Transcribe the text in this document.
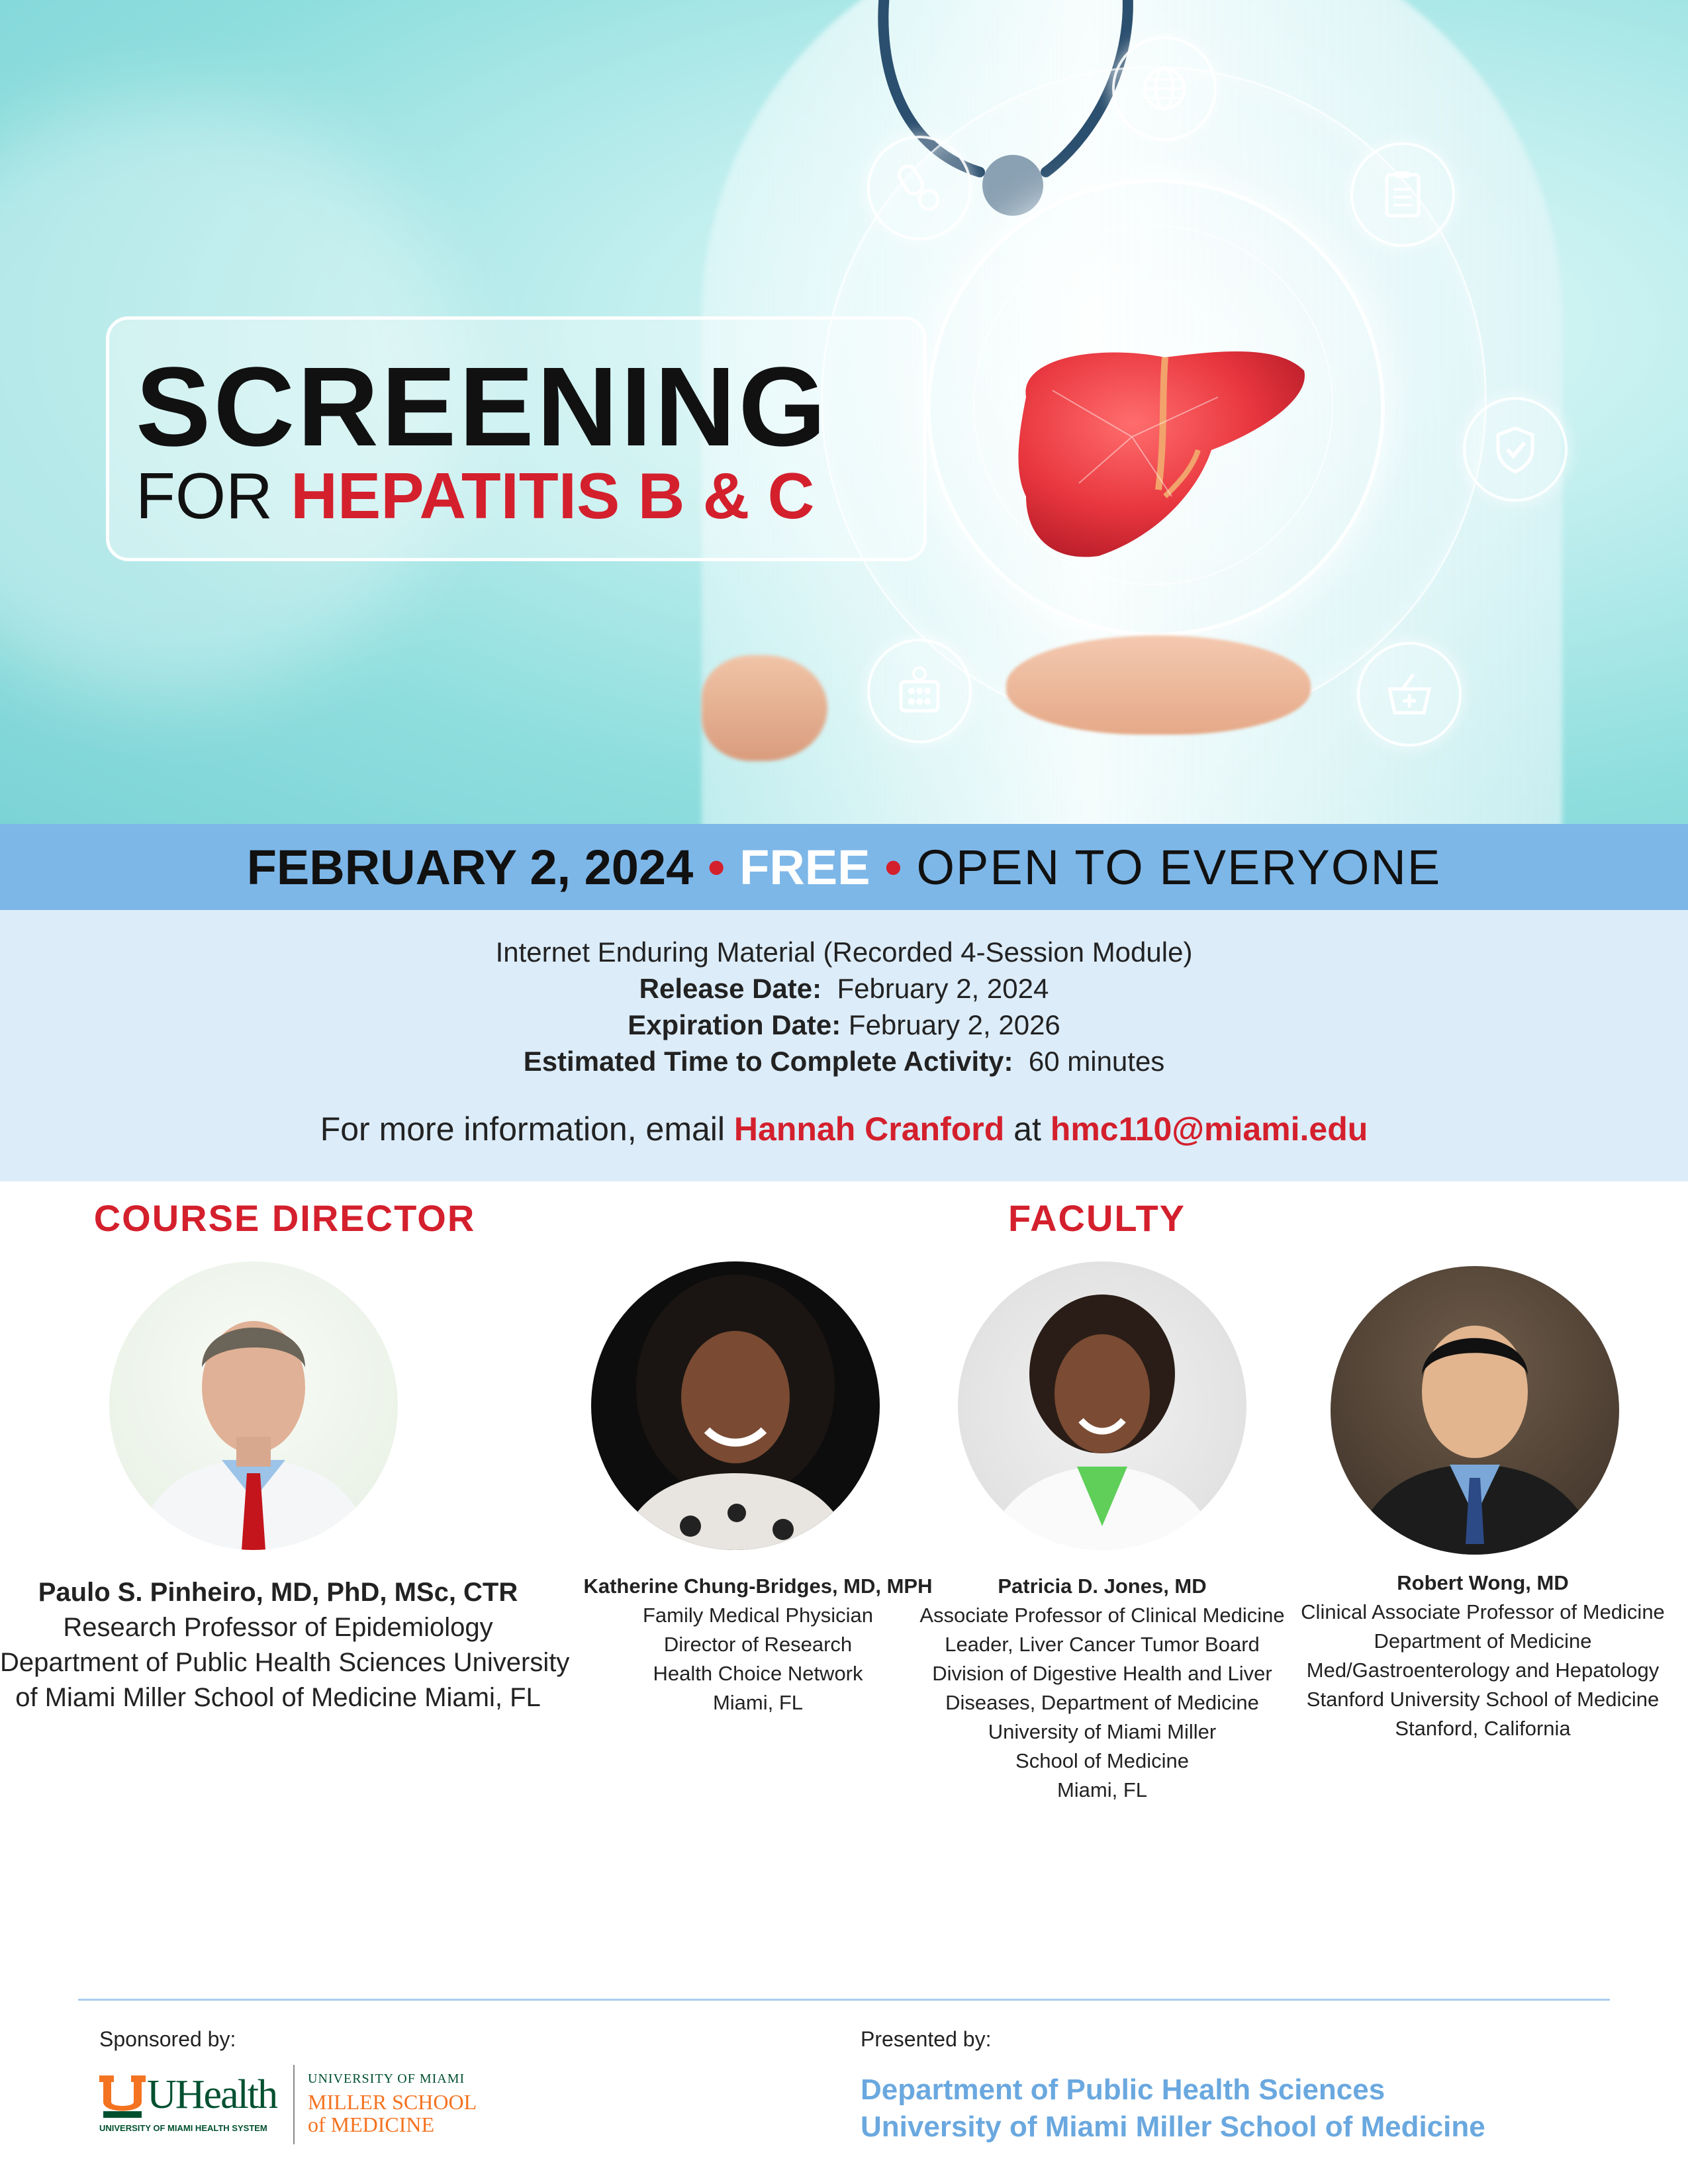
SCREENING
FOR HEPATITIS B & C
FEBRUARY 2, 2024 • FREE • OPEN TO EVERYONE
Internet Enduring Material (Recorded 4-Session Module)
Release Date: February 2, 2024
Expiration Date: February 2, 2026
Estimated Time to Complete Activity: 60 minutes
For more information, email Hannah Cranford at hmc110@miami.edu
COURSE DIRECTOR	FACULTY
Paulo S. Pinheiro, MD, PhD, MSc, CTR
Research Professor of Epidemiology
Department of Public Health Sciences University
of Miami Miller School of Medicine Miami, FL
Katherine Chung-Bridges, MD, MPH
Family Medical Physician
Director of Research
Health Choice Network
Miami, FL
Patricia D. Jones, MD
Associate Professor of Clinical Medicine
Leader, Liver Cancer Tumor Board
Division of Digestive Health and Liver
Diseases, Department of Medicine
University of Miami Miller
School of Medicine
Miami, FL
Robert Wong, MD
Clinical Associate Professor of Medicine
Department of Medicine
Med/Gastroenterology and Hepatology
Stanford University School of Medicine
Stanford, California
Sponsored by:	Presented by:
UHealth
UNIVERSITY OF MIAMI HEALTH SYSTEM
UNIVERSITY OF MIAMI
MILLER SCHOOL
of MEDICINE
Department of Public Health Sciences
University of Miami Miller School of Medicine
